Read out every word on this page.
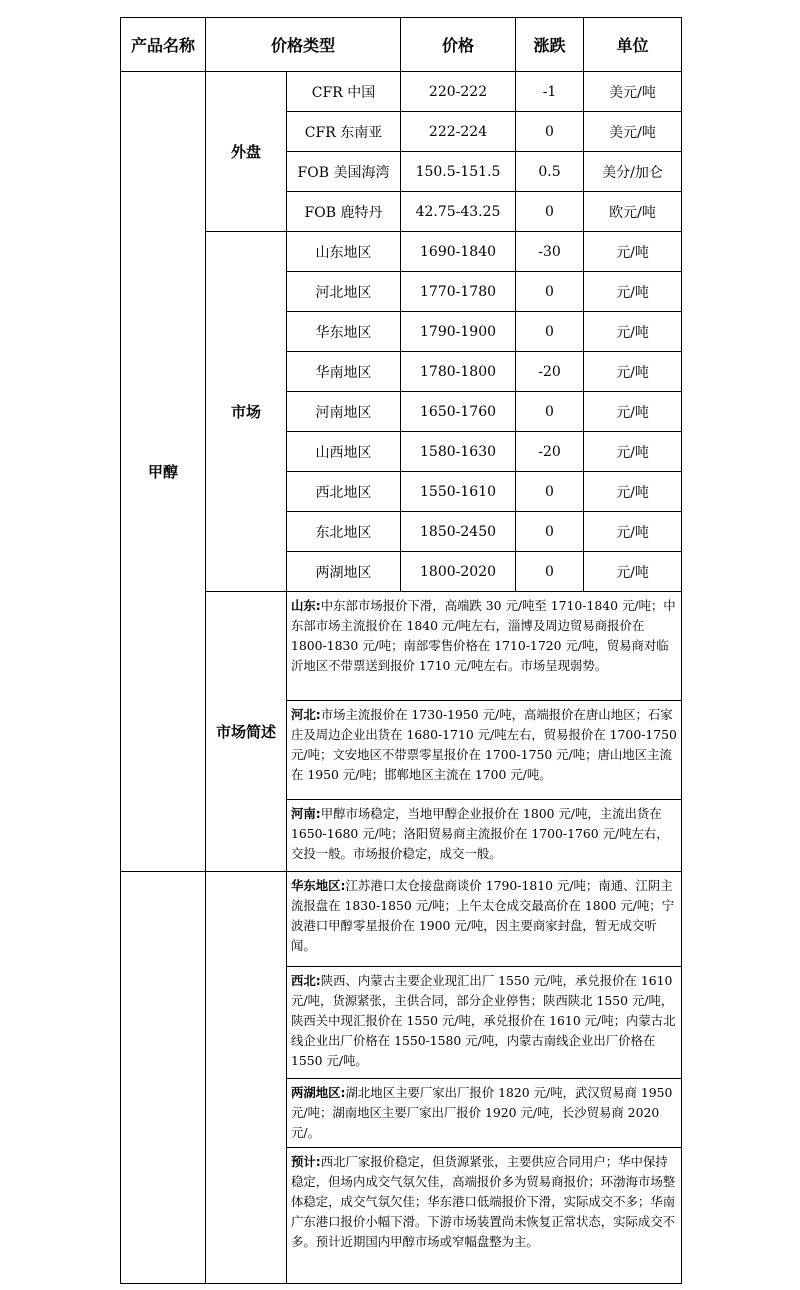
产品名称	价格类型		价格	涨跌	单位
甲醇	外盘	CFR 中国	220-222	-1	美元/吨
		CFR 东南亚	222-224	0	美元/吨
		FOB 美国海湾	150.5-151.5	0.5	美分/加仑
		FOB 鹿特丹	42.75-43.25	0	欧元/吨
	市场	山东地区	1690-1840	-30	元/吨
		河北地区	1770-1780	0	元/吨
		华东地区	1790-1900	0	元/吨
		华南地区	1780-1800	-20	元/吨
		河南地区	1650-1760	0	元/吨
		山西地区	1580-1630	-20	元/吨
		西北地区	1550-1610	0	元/吨
		东北地区	1850-2450	0	元/吨
		两湖地区	1800-2020	0	元/吨
	市场简述	山东:中东部市场报价下滑，高端跌 30 元/吨至 1710-1840 元/吨；中东部市场主流报价在 1840 元/吨左右，淄博及周边贸易商报价在 1800-1830 元/吨；南部零售价格在 1710-1720 元/吨，贸易商对临沂地区不带票送到报价 1710 元/吨左右。市场呈现弱势。			
		河北:市场主流报价在 1730-1950 元/吨，高端报价在唐山地区；石家庄及周边企业出货在 1680-1710 元/吨左右，贸易报价在 1700-1750 元/吨；文安地区不带票零星报价在 1700-1750 元/吨；唐山地区主流在 1950 元/吨；邯郸地区主流在 1700 元/吨。			
		河南:甲醇市场稳定，当地甲醇企业报价在 1800 元/吨，主流出货在 1650-1680 元/吨；洛阳贸易商主流报价在 1700-1760 元/吨左右，交投一般。市场报价稳定，成交一般。			
		华东地区:江苏港口太仓接盘商谈价 1790-1810 元/吨；南通、江阴主流报盘在 1830-1850 元/吨；上午太仓成交最高价在 1800 元/吨；宁波港口甲醇零星报价在 1900 元/吨，因主要商家封盘，暂无成交听闻。			
		西北:陕西、内蒙古主要企业现汇出厂 1550 元/吨，承兑报价在 1610 元/吨，货源紧张，主供合同，部分企业停售；陕西陕北 1550 元/吨，陕西关中现汇报价在 1550 元/吨，承兑报价在 1610 元/吨；内蒙古北线企业出厂价格在 1550-1580 元/吨，内蒙古南线企业出厂价格在 1550 元/吨。			
		两湖地区:湖北地区主要厂家出厂报价 1820 元/吨，武汉贸易商 1950 元/吨；湖南地区主要厂家出厂报价 1920 元/吨，长沙贸易商 2020 元/。			
		预计:西北厂家报价稳定，但货源紧张，主要供应合同用户；华中保持稳定，但场内成交气氛欠佳，高端报价多为贸易商报价；环渤海市场整体稳定，成交气氛欠佳；华东港口低端报价下滑，实际成交不多；华南广东港口报价小幅下滑。下游市场装置尚未恢复正常状态，实际成交不多。预计近期国内甲醇市场或窄幅盘整为主。			
